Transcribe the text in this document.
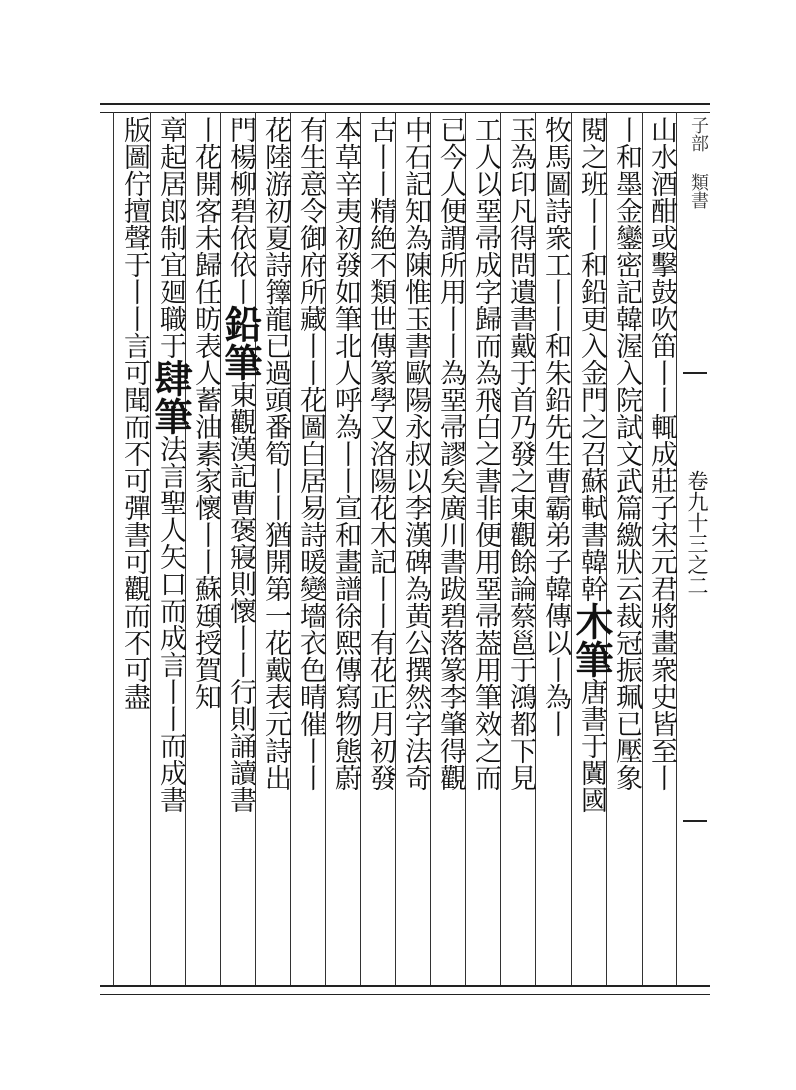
子部 類書
卷九十三之二
山水酒酣或擊鼓吹笛丨丨輒成莊子宋元君將畫衆史皆至丨
丨和墨金鑾密記韓渥入院試文武篇繳狀云裁冠振珮已壓象
閱之班丨丨和鉛更入金門之召蘇軾書韓幹木筆唐書于闐國
牧馬圖詩衆工丨丨和朱鉛先生曹霸弟子韓傳以丨為丨
玉為印凡得問遺書戴于首乃發之東觀餘論蔡邕于鴻都下見
工人以堊帚成字歸而為飛白之書非便用堊帚葢用筆效之而
已今人便謂所用丨丨為堊帚謬矣廣川書跋碧落篆李肇得觀
中石記知為陳惟玉書歐陽永叔以李漢碑為黄公撰然字法奇
古丨丨精絶不類世傳篆學又洛陽花木記丨丨有花正月初發
本草辛夷初發如筆北人呼為丨丨宣和畫譜徐熙傳寫物態蔚
有生意令御府所藏丨丨花圖白居易詩暖變墻衣色晴催丨丨
花陸游初夏詩籜龍已過頭番筍丨丨猶開第一花戴表元詩出
門楊柳碧依依丨鉛筆東觀漢記曹褒寢則懷丨丨行則誦讀書
丨花開客未歸任昉表人蓄油素家懷丨丨蘇頲授賀知
章起居郎制宜廻職于肆筆法言聖人矢口而成言丨丨而成書
版圖佇擅聲于丨丨言可聞而不可彈書可觀而不可盡
